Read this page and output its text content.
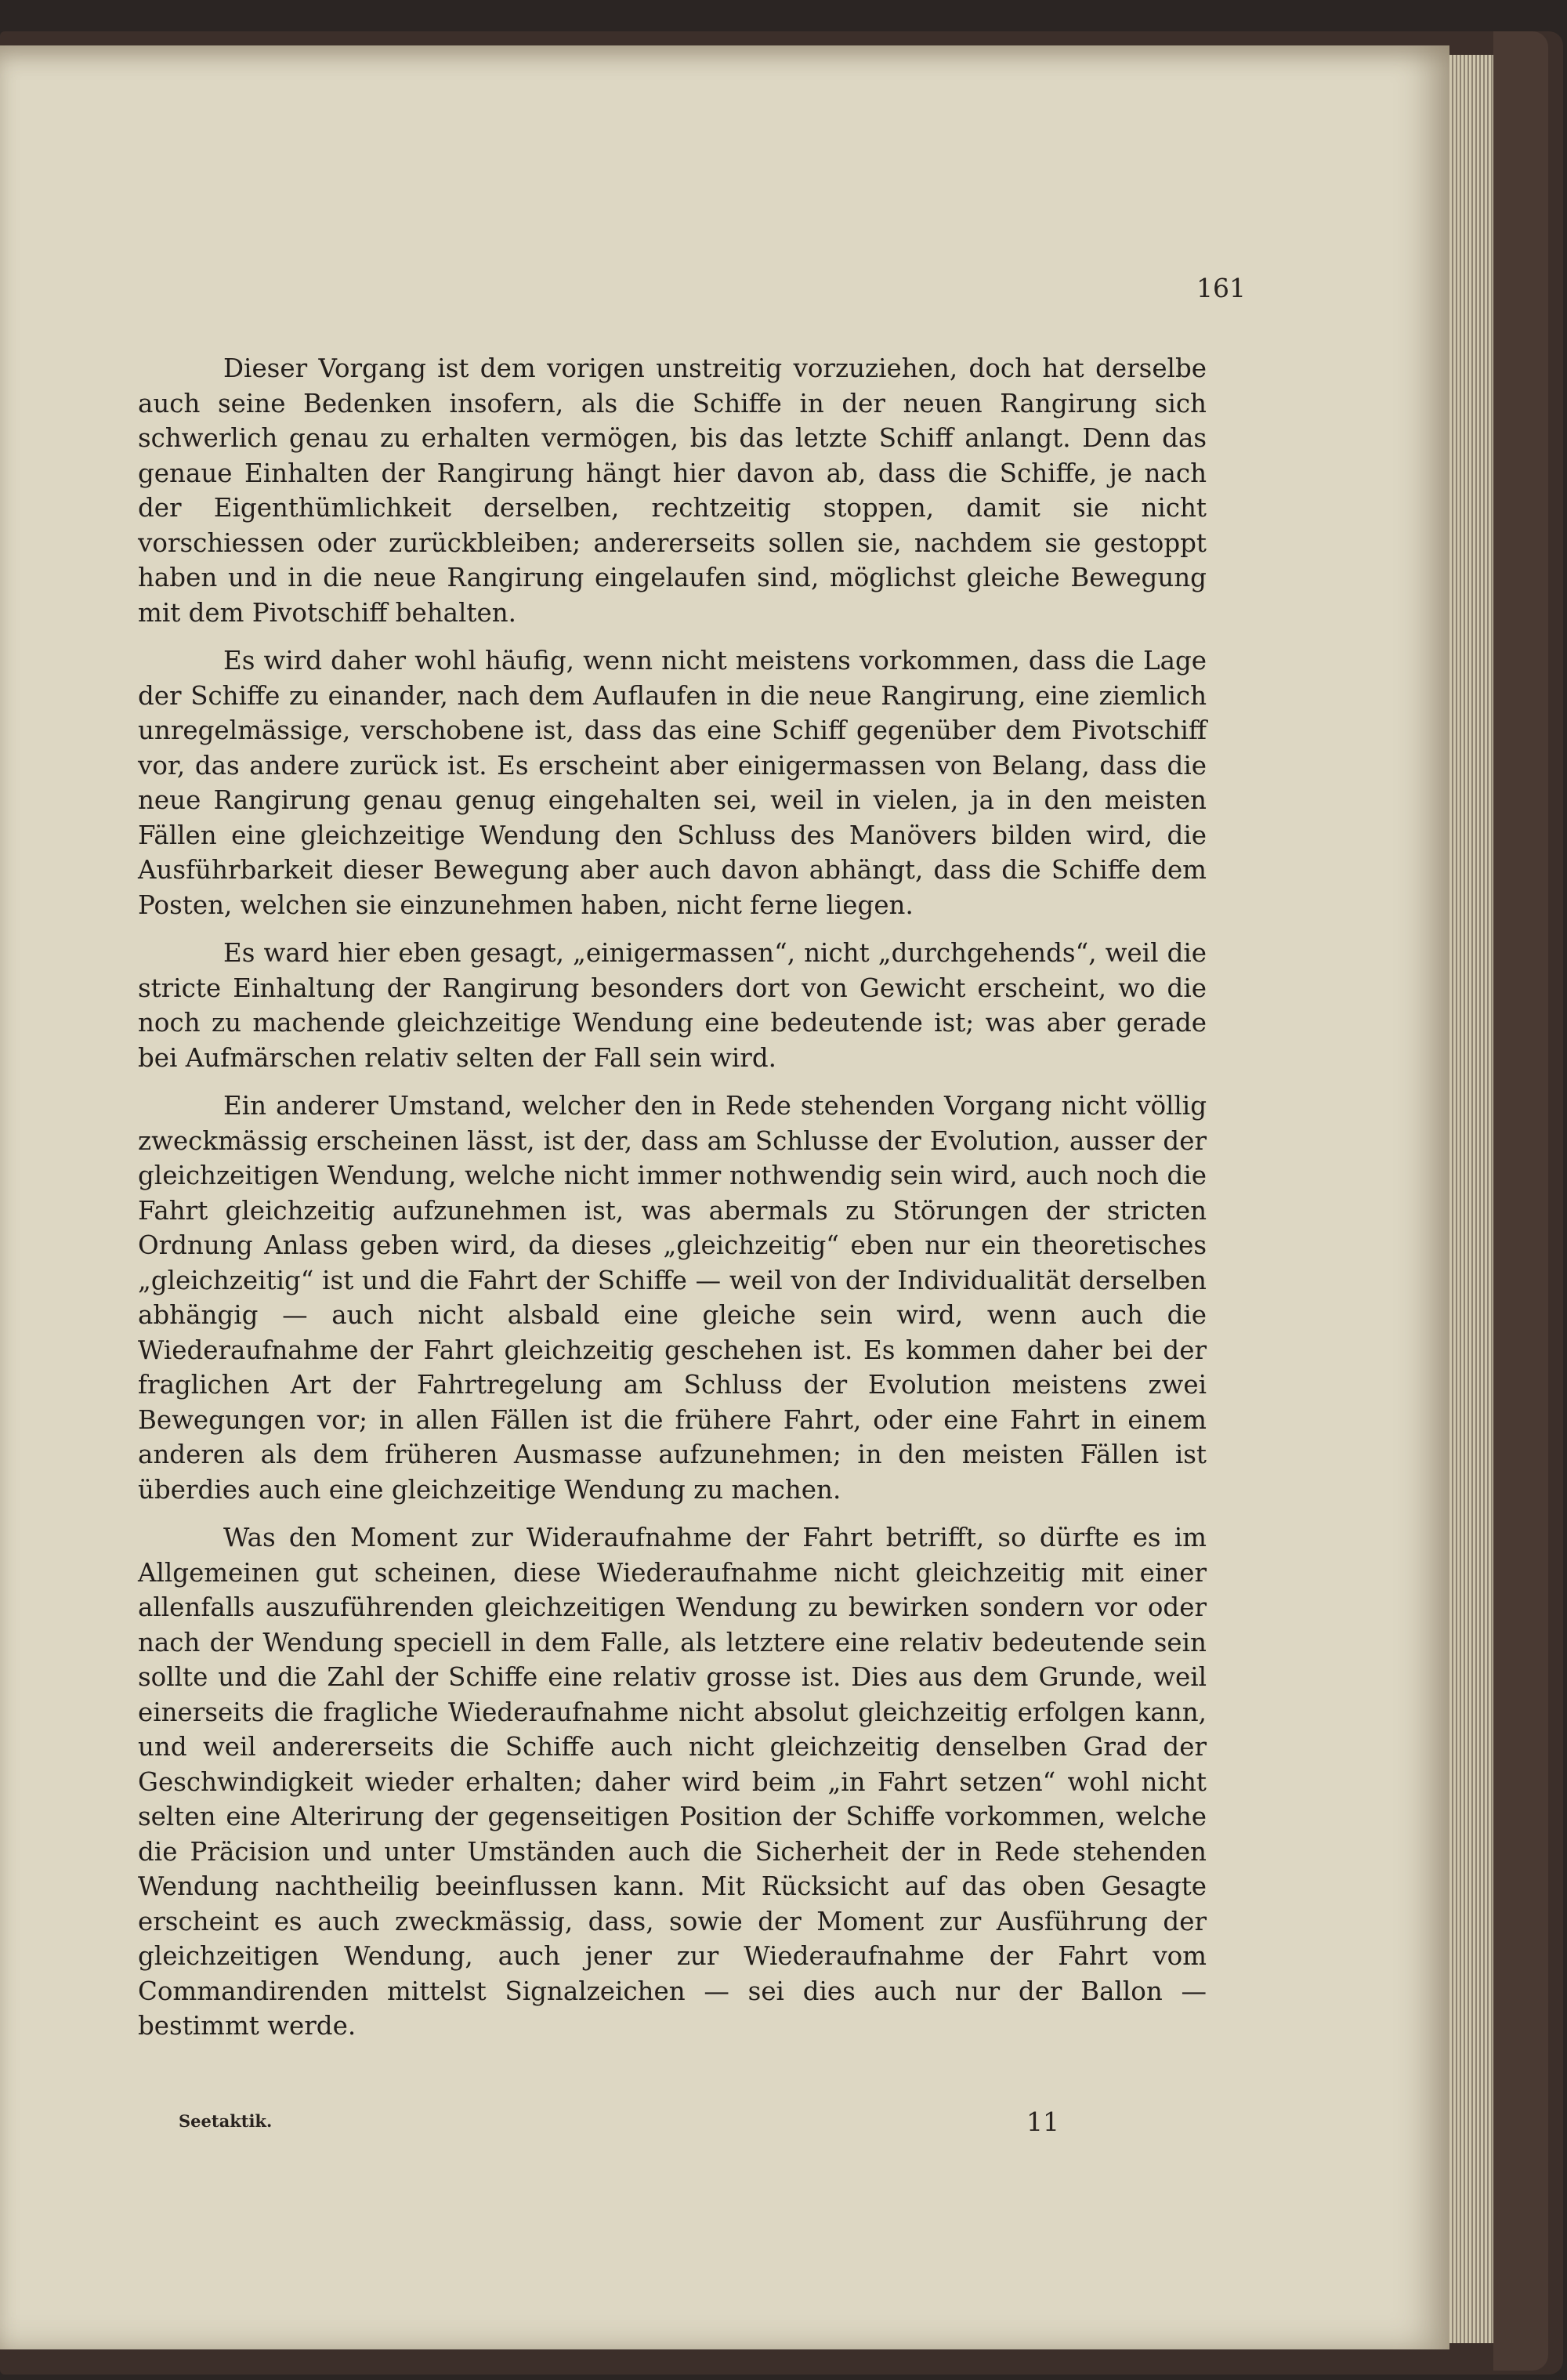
161

Dieser Vorgang ist dem vorigen unstreitig vorzuziehen, doch hat derselbe auch seine Bedenken insofern, als die Schiffe in der neuen Rangirung sich schwerlich genau zu erhalten vermögen, bis das letzte Schiff anlangt. Denn das genaue Einhalten der Rangirung hängt hier davon ab, dass die Schiffe, je nach der Eigenthümlichkeit derselben, rechtzeitig stoppen, damit sie nicht vorschiessen oder zurückbleiben; andererseits sollen sie, nachdem sie gestoppt haben und in die neue Rangirung eingelaufen sind, möglichst gleiche Bewegung mit dem Pivotschiff behalten.

Es wird daher wohl häufig, wenn nicht meistens vorkommen, dass die Lage der Schiffe zu einander, nach dem Auflaufen in die neue Rangirung, eine ziemlich unregelmässige, verschobene ist, dass das eine Schiff gegenüber dem Pivotschiff vor, das andere zurück ist. Es erscheint aber einigermassen von Belang, dass die neue Rangirung genau genug eingehalten sei, weil in vielen, ja in den meisten Fällen eine gleichzeitige Wendung den Schluss des Manövers bilden wird, die Ausführbarkeit dieser Bewegung aber auch davon abhängt, dass die Schiffe dem Posten, welchen sie einzunehmen haben, nicht ferne liegen.

Es ward hier eben gesagt, „einigermassen“, nicht „durchgehends“, weil die stricte Einhaltung der Rangirung besonders dort von Gewicht erscheint, wo die noch zu machende gleichzeitige Wendung eine bedeutende ist; was aber gerade bei Aufmärschen relativ selten der Fall sein wird.

Ein anderer Umstand, welcher den in Rede stehenden Vorgang nicht völlig zweckmässig erscheinen lässt, ist der, dass am Schlusse der Evolution, ausser der gleichzeitigen Wendung, welche nicht immer nothwendig sein wird, auch noch die Fahrt gleichzeitig aufzunehmen ist, was abermals zu Störungen der stricten Ordnung Anlass geben wird, da dieses „gleichzeitig“ eben nur ein theoretisches „gleichzeitig“ ist und die Fahrt der Schiffe — weil von der Individualität derselben abhängig — auch nicht alsbald eine gleiche sein wird, wenn auch die Wiederaufnahme der Fahrt gleichzeitig geschehen ist. Es kommen daher bei der fraglichen Art der Fahrtregelung am Schluss der Evolution meistens zwei Bewegungen vor; in allen Fällen ist die frühere Fahrt, oder eine Fahrt in einem anderen als dem früheren Ausmasse aufzunehmen; in den meisten Fällen ist überdies auch eine gleichzeitige Wendung zu machen.

Was den Moment zur Wideraufnahme der Fahrt betrifft, so dürfte es im Allgemeinen gut scheinen, diese Wiederaufnahme nicht gleichzeitig mit einer allenfalls auszuführenden gleichzeitigen Wendung zu bewirken sondern vor oder nach der Wendung speciell in dem Falle, als letztere eine relativ bedeutende sein sollte und die Zahl der Schiffe eine relativ grosse ist. Dies aus dem Grunde, weil einerseits die fragliche Wiederaufnahme nicht absolut gleichzeitig erfolgen kann, und weil andererseits die Schiffe auch nicht gleichzeitig denselben Grad der Geschwindigkeit wieder erhalten; daher wird beim „in Fahrt setzen“ wohl nicht selten eine Alterirung der gegenseitigen Position der Schiffe vorkommen, welche die Präcision und unter Umständen auch die Sicherheit der in Rede stehenden Wendung nachtheilig beeinflussen kann. Mit Rücksicht auf das oben Gesagte erscheint es auch zweckmässig, dass, sowie der Moment zur Ausführung der gleichzeitigen Wendung, auch jener zur Wiederaufnahme der Fahrt vom Commandirenden mittelst Signalzeichen — sei dies auch nur der Ballon — bestimmt werde.

Seetaktik.	11
